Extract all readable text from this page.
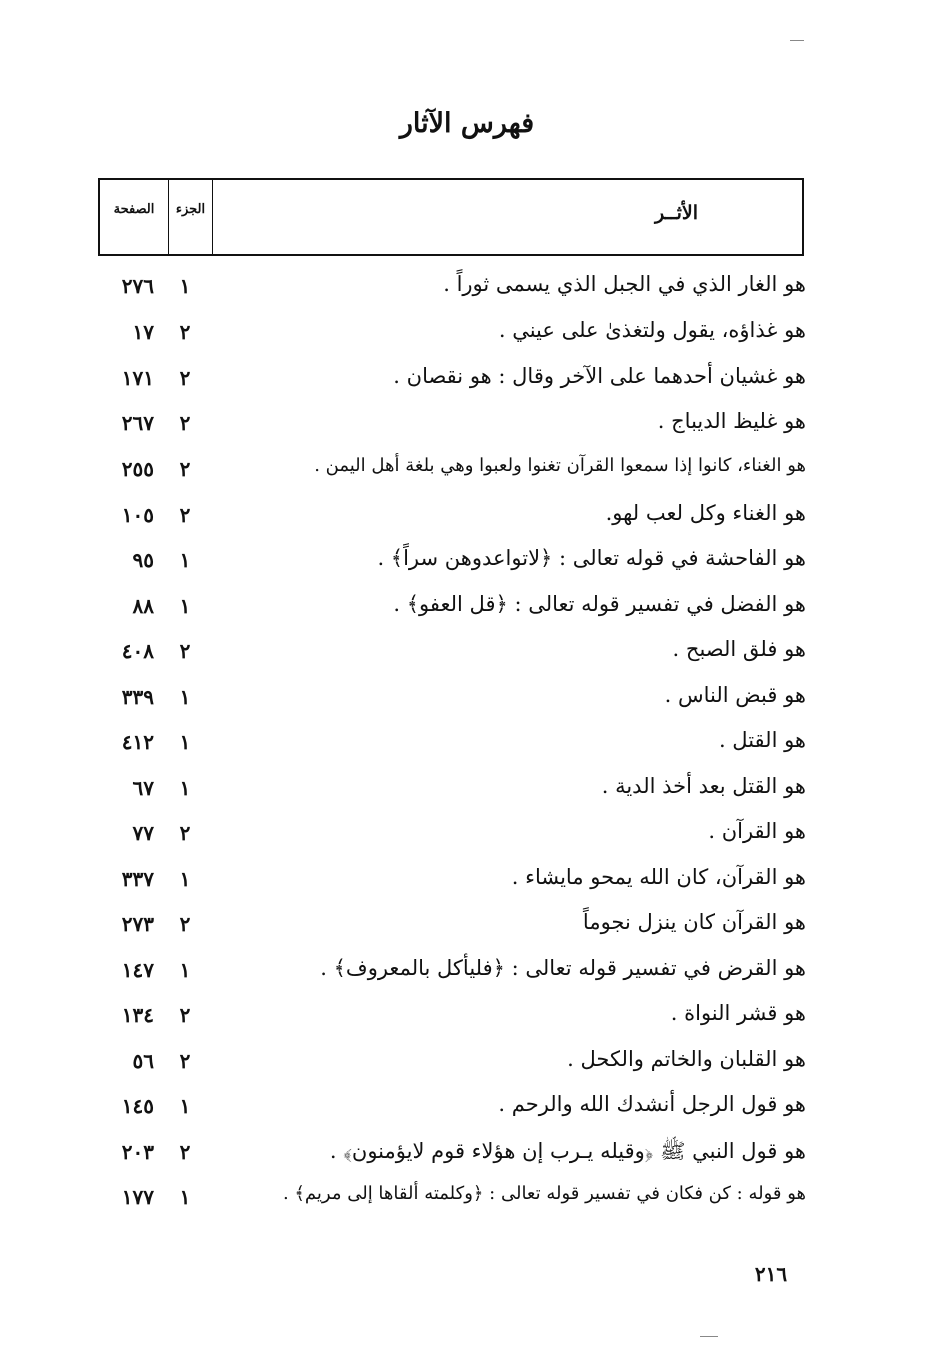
فهرس الآثار
الصفحة	الجزء	الأثــر
هو الغار الذي في الجبل الذي يسمى ثوراً .
١
٢٧٦
هو غذاؤه، يقول ولتغذىٰ على عيني .
٢
١٧
هو غشيان أحدهما على الآخر وقال : هو نقصان .
٢
١٧١
هو غليظ الديباج .
٢
٢٦٧
هو الغناء، كانوا إذا سمعوا القرآن تغنوا ولعبوا وهي بلغة أهل اليمن .
٢
٢٥٥
هو الغناء وكل لعب لهو.
٢
١٠٥
هو الفاحشة في قوله تعالى : ﴿لاتواعدوهن سراً﴾ .
١
٩٥
هو الفضل في تفسير قوله تعالى : ﴿قل العفو﴾ .
١
٨٨
هو فلق الصبح .
٢
٤٠٨
هو قبض الناس .
١
٣٣٩
هو القتل .
١
٤١٢
هو القتل بعد أخذ الدية .
١
٦٧
هو القرآن .
٢
٧٧
هو القرآن، كان الله يمحو مايشاء .
١
٣٣٧
هو القرآن كان ينزل نجوماً
٢
٢٧٣
هو القرض في تفسير قوله تعالى : ﴿فليأكل بالمعروف﴾ .
١
١٤٧
هو قشر النواة .
٢
١٣٤
هو القلبان والخاتم والكحل .
٢
٥٦
هو قول الرجل أنشدك الله والرحم .
١
١٤٥
هو قول النبي ﷺ ﴿وقيله يـرب إن هؤلاء قوم لايؤمنون﴾ .
٢
٢٠٣
هو قوله : كن فكان في تفسير قوله تعالى : ﴿وكلمته ألقاها إلى مريم﴾ .
١
١٧٧
٢١٦
